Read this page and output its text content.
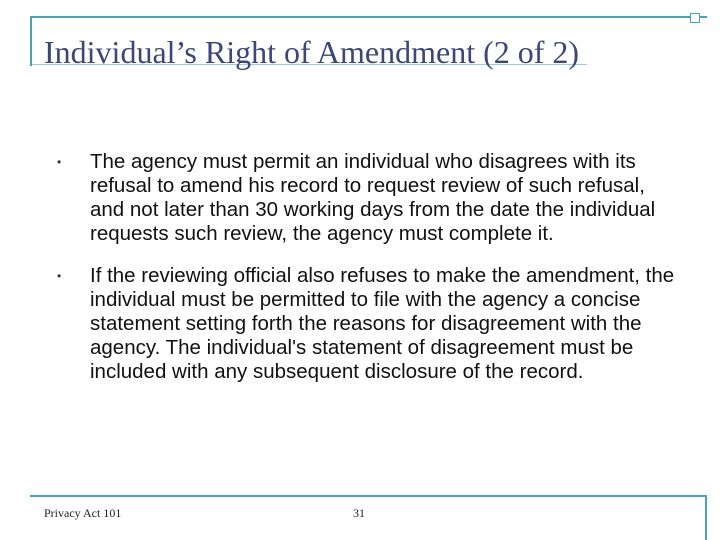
Individual’s Right of Amendment (2 of 2)
• The agency must permit an individual who disagrees with its refusal to amend his record to request review of such refusal, and not later than 30 working days from the date the individual requests such review, the agency must complete it.
• If the reviewing official also refuses to make the amendment, the individual must be permitted to file with the agency a concise statement setting forth the reasons for disagreement with the agency. The individual's statement of disagreement must be included with any subsequent disclosure of the record.
Privacy Act 101	31
